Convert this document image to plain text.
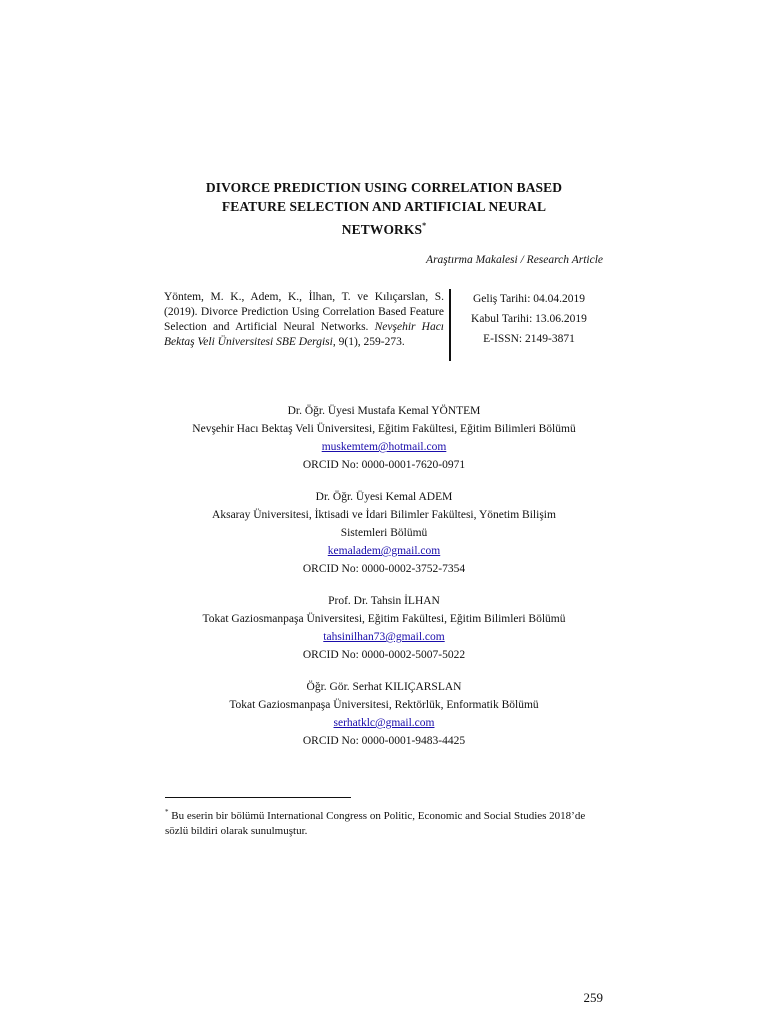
DIVORCE PREDICTION USING CORRELATION BASED
FEATURE SELECTION AND ARTIFICIAL NEURAL
NETWORKS*
Araştırma Makalesi / Research Article
Yöntem, M. K., Adem, K., İlhan, T. ve Kılıçarslan, S. (2019). Divorce Prediction Using Correlation Based Feature Selection and Artificial Neural Networks. Nevşehir Hacı Bektaş Veli Üniversitesi SBE Dergisi, 9(1), 259-273.
Geliş Tarihi: 04.04.2019
Kabul Tarihi: 13.06.2019
E-ISSN: 2149-3871
Dr. Öğr. Üyesi Mustafa Kemal YÖNTEM
Nevşehir Hacı Bektaş Veli Üniversitesi, Eğitim Fakültesi, Eğitim Bilimleri Bölümü
muskemtem@hotmail.com
ORCID No: 0000-0001-7620-0971
Dr. Öğr. Üyesi Kemal ADEM
Aksaray Üniversitesi, İktisadi ve İdari Bilimler Fakültesi, Yönetim Bilişim Sistemleri Bölümü
kemaladem@gmail.com
ORCID No: 0000-0002-3752-7354
Prof. Dr. Tahsin İLHAN
Tokat Gaziosmanpaşa Üniversitesi, Eğitim Fakültesi, Eğitim Bilimleri Bölümü
tahsinilhan73@gmail.com
ORCID No: 0000-0002-5007-5022
Öğr. Gör. Serhat KILIÇARSLAN
Tokat Gaziosmanpaşa Üniversitesi, Rektörlük, Enformatik Bölümü
serhatklc@gmail.com
ORCID No: 0000-0001-9483-4425
* Bu eserin bir bölümü International Congress on Politic, Economic and Social Studies 2018’de sözlü bildiri olarak sunulmuştur.
259
